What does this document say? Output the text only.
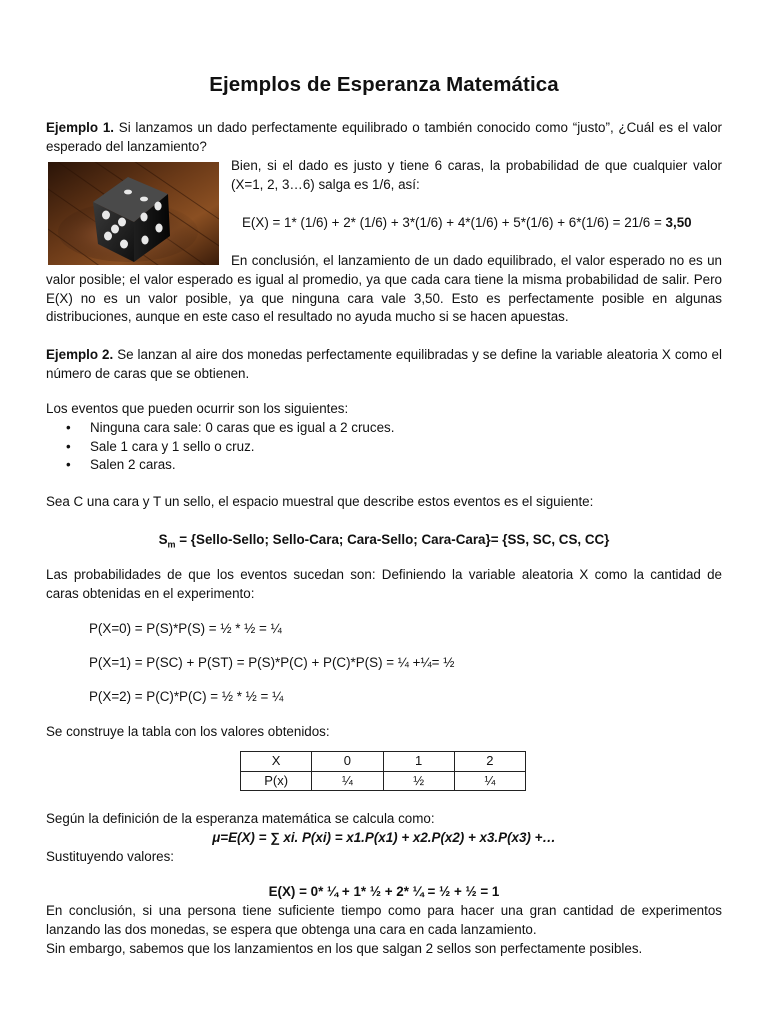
Ejemplos de Esperanza Matemática
Ejemplo 1. Si lanzamos un dado perfectamente equilibrado o también conocido como “justo”, ¿Cuál es el valor
esperado del lanzamiento?
Bien, si el dado es justo y tiene 6 caras, la probabilidad de que cualquier valor
(X=1, 2, 3…6) salga es 1/6, así:
E(X) = 1* (1/6) + 2* (1/6) + 3*(1/6) + 4*(1/6) + 5*(1/6) + 6*(1/6) = 21/6 = 3,50
En conclusión, el lanzamiento de un dado equilibrado, el valor esperado no es un
valor posible; el valor esperado es igual al promedio, ya que cada cara tiene la misma probabilidad de salir. Pero
E(X) no es un valor posible, ya que ninguna cara vale 3,50. Esto es perfectamente posible en algunas
distribuciones, aunque en este caso el resultado no ayuda mucho si se hacen apuestas.
Ejemplo 2. Se lanzan al aire dos monedas perfectamente equilibradas y se define la variable aleatoria X como el
número de caras que se obtienen.
Los eventos que pueden ocurrir son los siguientes:
• Ninguna cara sale: 0 caras que es igual a 2 cruces.
• Sale 1 cara y 1 sello o cruz.
• Salen 2 caras.
Sea C una cara y T un sello, el espacio muestral que describe estos eventos es el siguiente:
$S_m$ = {Sello-Sello; Sello-Cara; Cara-Sello; Cara-Cara}= {SS, SC, CS, CC}
Las probabilidades de que los eventos sucedan son: Definiendo la variable aleatoria X como la cantidad de
caras obtenidas en el experimento:
P(X=0) = P(S)*P(S) = ½ * ½ = ¼
P(X=1) = P(SC) + P(ST) = P(S)*P(C) + P(C)*P(S) = ¼ +¼= ½
P(X=2) = P(C)*P(C) = ½ * ½ = ¼
Se construye la tabla con los valores obtenidos:
X	0	1	2
P(x)	¼	½	¼
Según la definición de la esperanza matemática se calcula como:
μ=E(X) = ∑ xi. P(xi) = x1.P(x1) + x2.P(x2) + x3.P(x3) +…
Sustituyendo valores:
E(X) = 0* ¼ + 1* ½ + 2* ¼ = ½ + ½ = 1
En conclusión, si una persona tiene suficiente tiempo como para hacer una gran cantidad de experimentos
lanzando las dos monedas, se espera que obtenga una cara en cada lanzamiento.
Sin embargo, sabemos que los lanzamientos en los que salgan 2 sellos son perfectamente posibles.
